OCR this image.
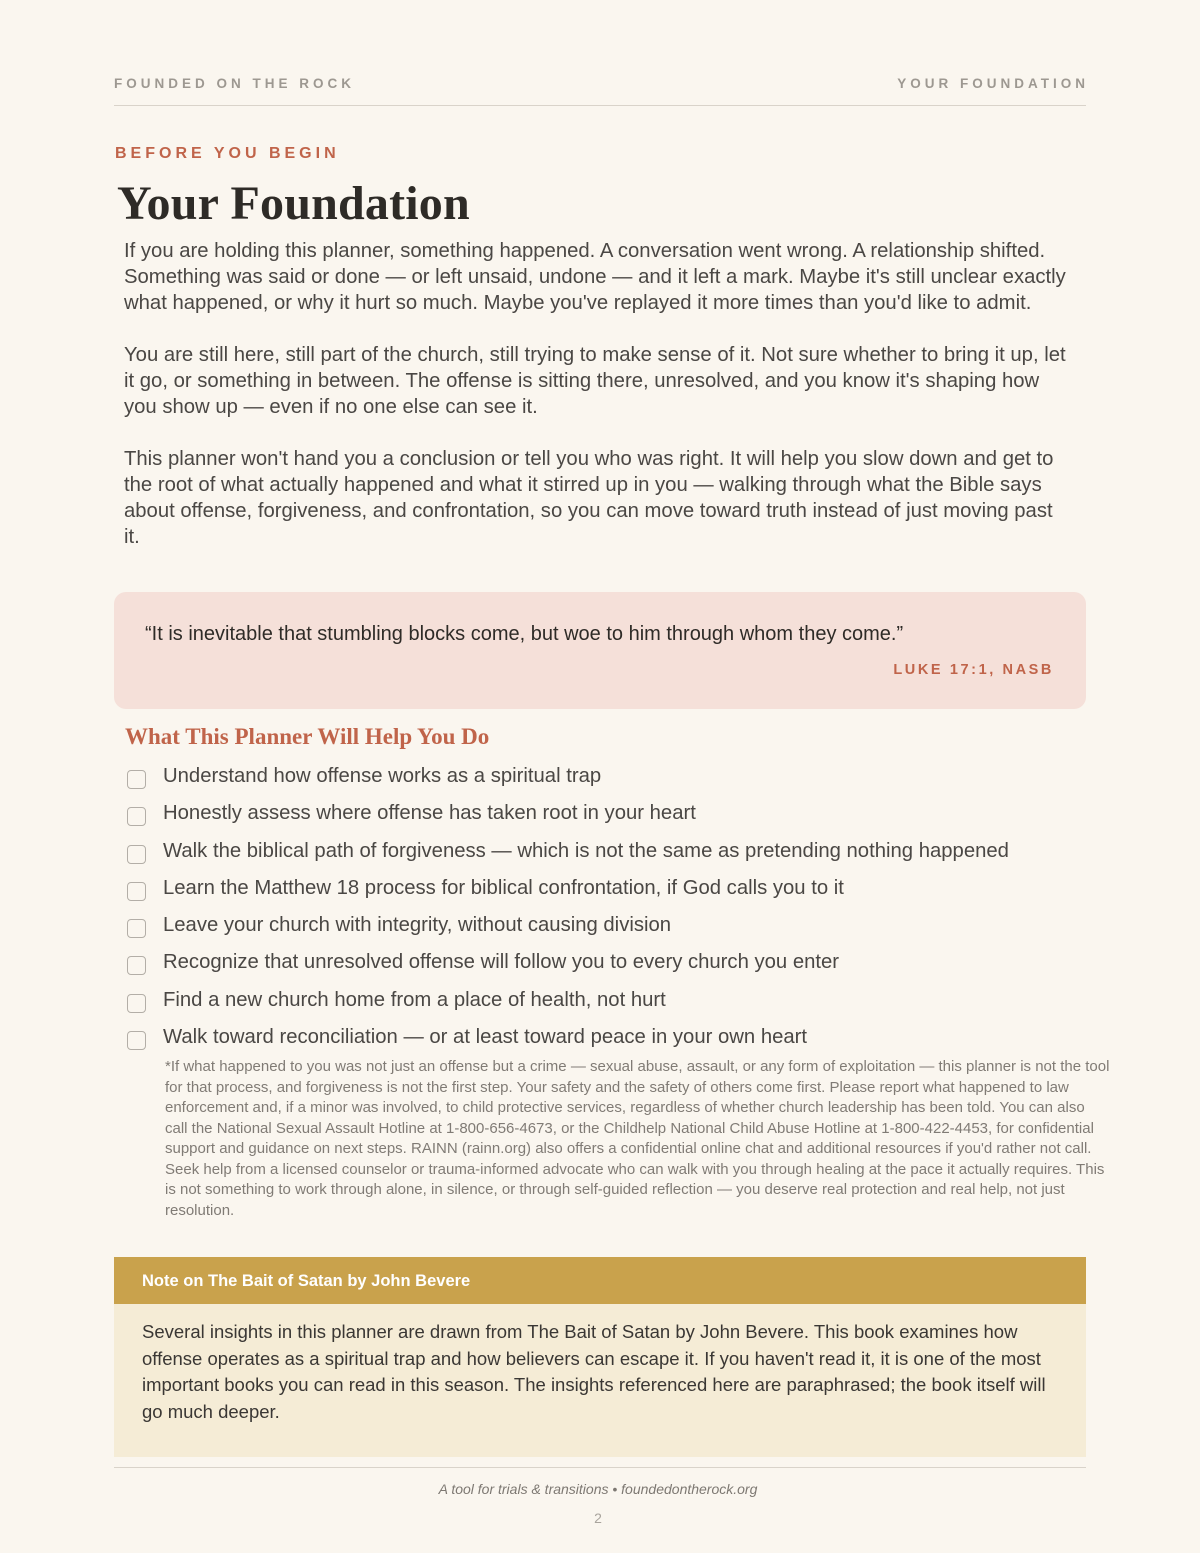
FOUNDED ON THE ROCK	YOUR FOUNDATION
BEFORE YOU BEGIN
Your Foundation

If you are holding this planner, something happened. A conversation went wrong. A relationship shifted. Something was said or done — or left unsaid, undone — and it left a mark. Maybe it's still unclear exactly what happened, or why it hurt so much. Maybe you've replayed it more times than you'd like to admit.

You are still here, still part of the church, still trying to make sense of it. Not sure whether to bring it up, let it go, or something in between. The offense is sitting there, unresolved, and you know it's shaping how you show up — even if no one else can see it.

This planner won't hand you a conclusion or tell you who was right. It will help you slow down and get to the root of what actually happened and what it stirred up in you — walking through what the Bible says about offense, forgiveness, and confrontation, so you can move toward truth instead of just moving past it.

“It is inevitable that stumbling blocks come, but woe to him through whom they come.”
LUKE 17:1, NASB
What This Planner Will Help You Do
Understand how offense works as a spiritual trap
Honestly assess where offense has taken root in your heart
Walk the biblical path of forgiveness — which is not the same as pretending nothing happened
Learn the Matthew 18 process for biblical confrontation, if God calls you to it
Leave your church with integrity, without causing division
Recognize that unresolved offense will follow you to every church you enter
Find a new church home from a place of health, not hurt
Walk toward reconciliation — or at least toward peace in your own heart
*If what happened to you was not just an offense but a crime — sexual abuse, assault, or any form of exploitation — this planner is not the tool for that process, and forgiveness is not the first step. Your safety and the safety of others come first. Please report what happened to law enforcement and, if a minor was involved, to child protective services, regardless of whether church leadership has been told. You can also call the National Sexual Assault Hotline at 1-800-656-4673, or the Childhelp National Child Abuse Hotline at 1-800-422-4453, for confidential support and guidance on next steps. RAINN (rainn.org) also offers a confidential online chat and additional resources if you'd rather not call. Seek help from a licensed counselor or trauma-informed advocate who can walk with you through healing at the pace it actually requires. This is not something to work through alone, in silence, or through self-guided reflection — you deserve real protection and real help, not just resolution.
Note on The Bait of Satan by John Bevere
Several insights in this planner are drawn from The Bait of Satan by John Bevere. This book examines how offense operates as a spiritual trap and how believers can escape it. If you haven't read it, it is one of the most important books you can read in this season. The insights referenced here are paraphrased; the book itself will go much deeper.
A tool for trials & transitions • foundedontherock.org
2
